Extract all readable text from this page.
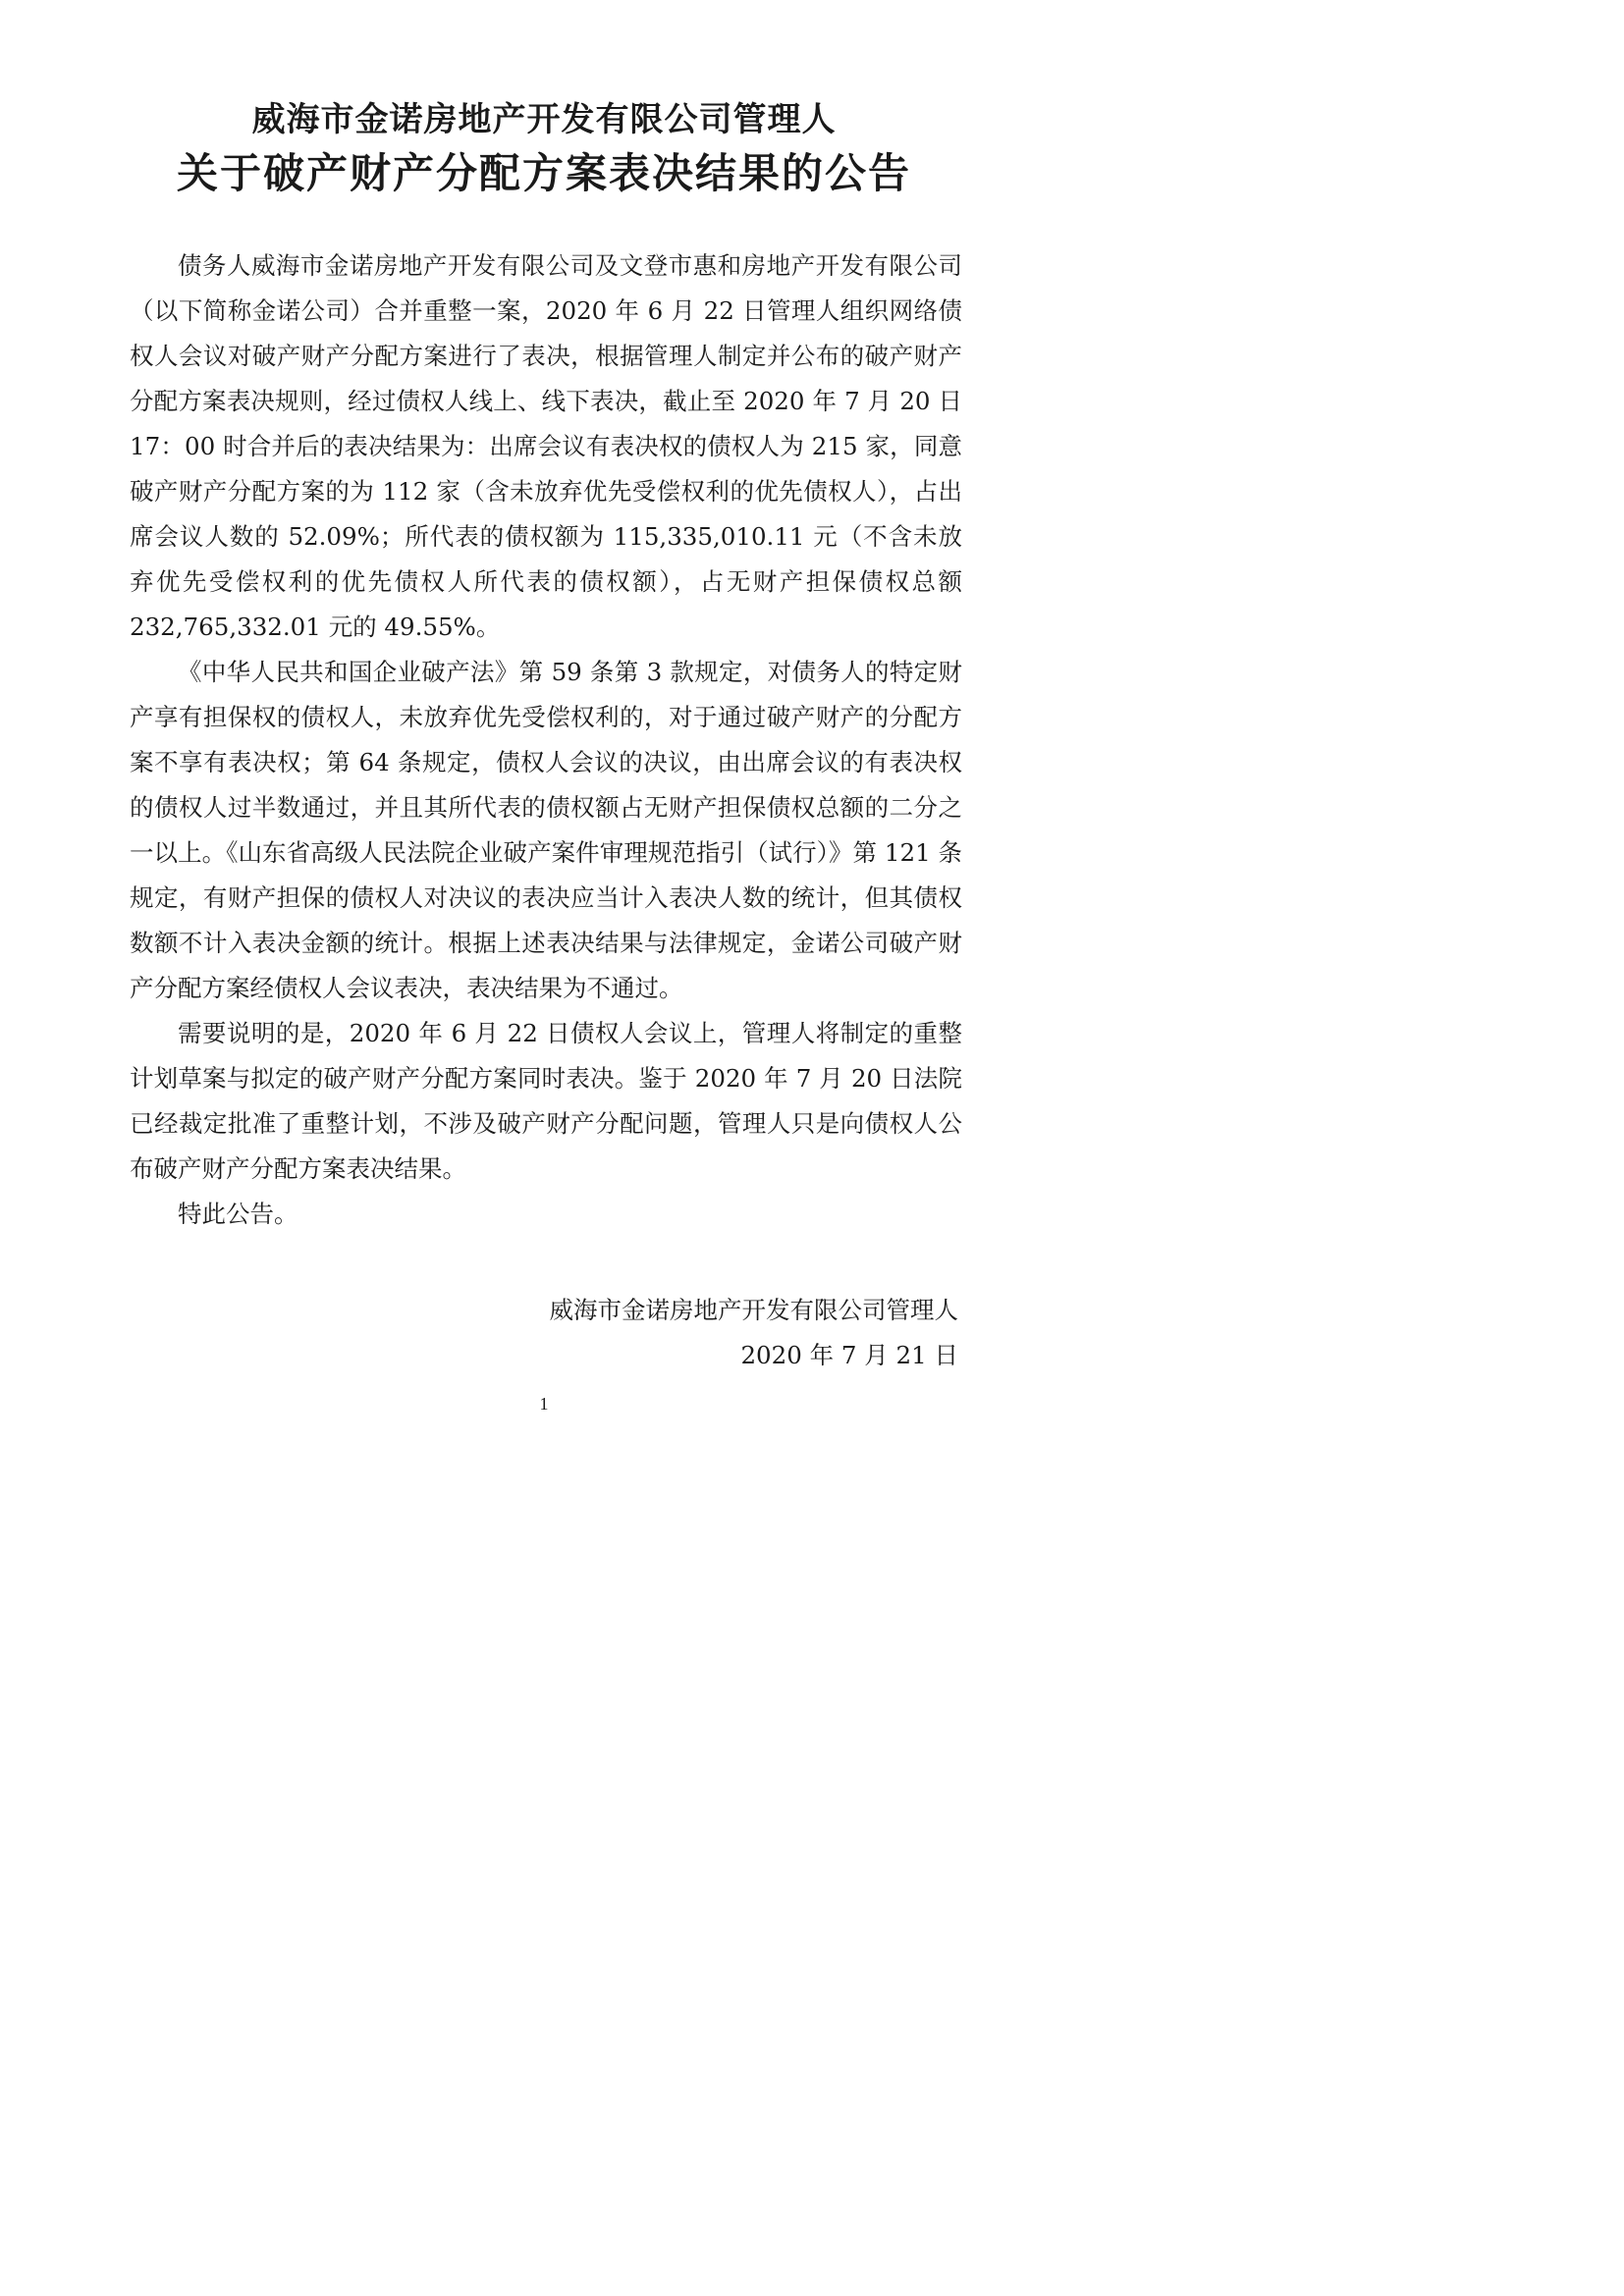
威海市金诺房地产开发有限公司管理人
关于破产财产分配方案表决结果的公告

债务人威海市金诺房地产开发有限公司及文登市惠和房地产开发有限公司（以下简称金诺公司）合并重整一案，2020 年 6 月 22 日管理人组织网络债权人会议对破产财产分配方案进行了表决，根据管理人制定并公布的破产财产分配方案表决规则，经过债权人线上、线下表决，截止至 2020 年 7 月 20 日 17：00 时合并后的表决结果为：出席会议有表决权的债权人为 215 家，同意破产财产分配方案的为 112 家（含未放弃优先受偿权利的优先债权人），占出席会议人数的 52.09%；所代表的债权额为 115,335,010.11 元（不含未放弃优先受偿权利的优先债权人所代表的债权额），占无财产担保债权总额 232,765,332.01 元的 49.55%。

《中华人民共和国企业破产法》第 59 条第 3 款规定，对债务人的特定财产享有担保权的债权人，未放弃优先受偿权利的，对于通过破产财产的分配方案不享有表决权；第 64 条规定，债权人会议的决议，由出席会议的有表决权的债权人过半数通过，并且其所代表的债权额占无财产担保债权总额的二分之一以上。《山东省高级人民法院企业破产案件审理规范指引（试行）》第 121 条规定，有财产担保的债权人对决议的表决应当计入表决人数的统计，但其债权数额不计入表决金额的统计。根据上述表决结果与法律规定，金诺公司破产财产分配方案经债权人会议表决，表决结果为不通过。

需要说明的是，2020 年 6 月 22 日债权人会议上，管理人将制定的重整计划草案与拟定的破产财产分配方案同时表决。鉴于 2020 年 7 月 20 日法院已经裁定批准了重整计划，不涉及破产财产分配问题，管理人只是向债权人公布破产财产分配方案表决结果。

特此公告。

威海市金诺房地产开发有限公司管理人
2020 年 7 月 21 日
1
